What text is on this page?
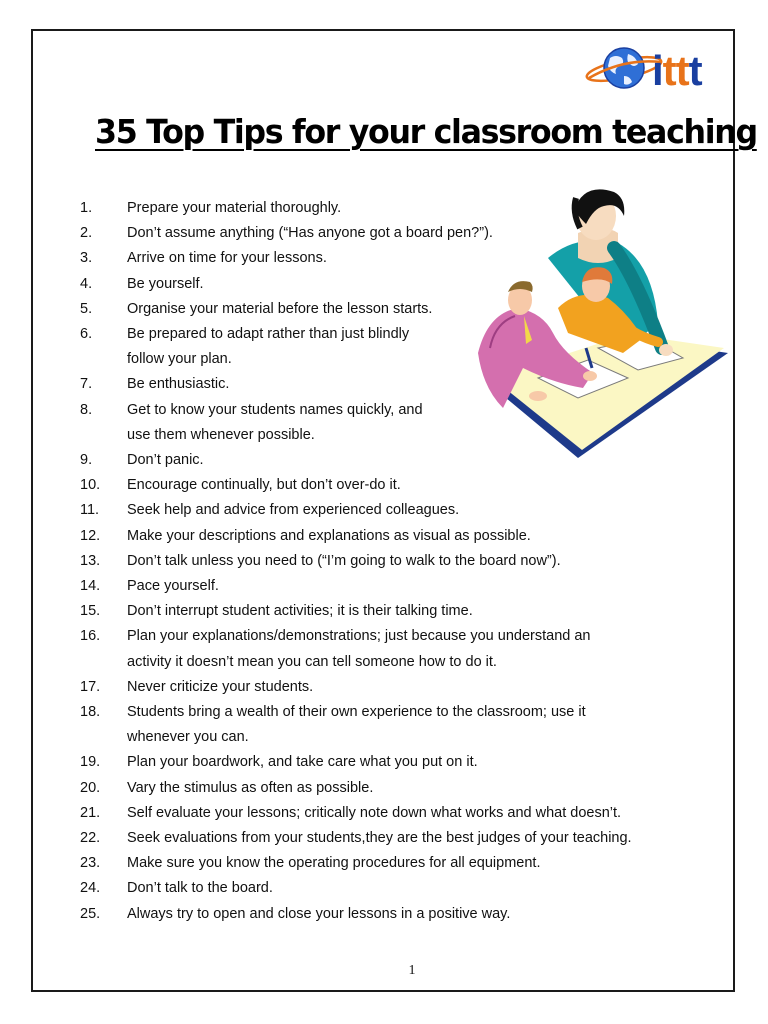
ittt
35 Top Tips for your classroom teaching
1.	Prepare your material thoroughly.
2.	Don’t assume anything (“Has anyone got a board pen?”).
3.	Arrive on time for your lessons.
4.	Be yourself.
5.	Organise your material before the lesson starts.
6.	Be prepared to adapt rather than just blindly
follow your plan.
7.	Be enthusiastic.
8.	Get to know your students names quickly, and
use them whenever possible.
9.	Don’t panic.
10.	Encourage continually, but don’t over-do it.
11.	Seek help and advice from experienced colleagues.
12.	Make your descriptions and explanations as visual as possible.
13.	Don’t talk unless you need to (“I’m going to walk to the board now”).
14.	Pace yourself.
15.	Don’t interrupt student activities; it is their talking time.
16.	Plan your explanations/demonstrations; just because you understand an
activity it doesn’t mean you can tell someone how to do it.
17.	Never criticize your students.
18.	Students bring a wealth of their own experience to the classroom; use it
whenever you can.
19.	Plan your boardwork, and take care what you put on it.
20.	Vary the stimulus as often as possible.
21.	Self evaluate your lessons; critically note down what works and what doesn’t.
22.	Seek evaluations from your students,they are the best judges of your teaching.
23.	Make sure you know the operating procedures for all equipment.
24.	Don’t talk to the board.
25.	Always try to open and close your lessons in a positive way.
1
